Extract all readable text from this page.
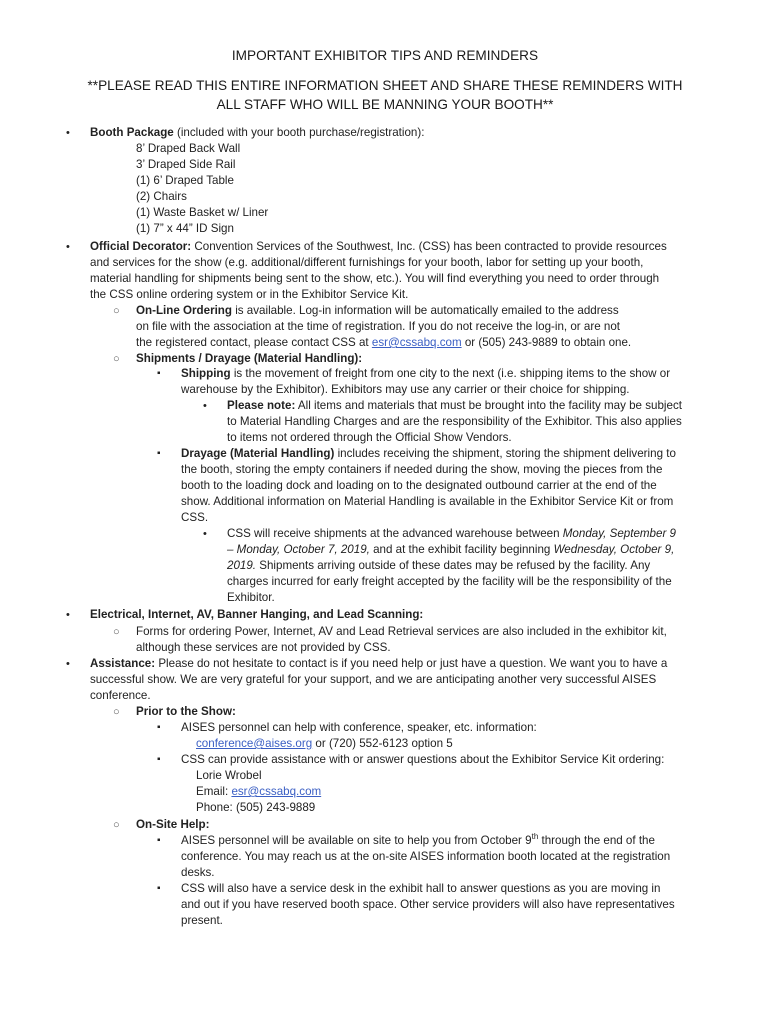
IMPORTANT EXHIBITOR TIPS AND REMINDERS
**PLEASE READ THIS ENTIRE INFORMATION SHEET AND SHARE THESE REMINDERS WITH
ALL STAFF WHO WILL BE MANNING YOUR BOOTH**
• Booth Package (included with your booth purchase/registration):
8’ Draped Back Wall
3’ Draped Side Rail
(1) 6’ Draped Table
(2) Chairs
(1) Waste Basket w/ Liner
(1) 7” x 44” ID Sign
• Official Decorator: Convention Services of the Southwest, Inc. (CSS) has been contracted to provide resources
and services for the show (e.g. additional/different furnishings for your booth, labor for setting up your booth,
material handling for shipments being sent to the show, etc.). You will find everything you need to order through
the CSS online ordering system or in the Exhibitor Service Kit.
○ On-Line Ordering is available. Log-in information will be automatically emailed to the address
on file with the association at the time of registration. If you do not receive the log-in, or are not
the registered contact, please contact CSS at esr@cssabq.com or (505) 243-9889 to obtain one.
○ Shipments / Drayage (Material Handling):
▪ Shipping is the movement of freight from one city to the next (i.e. shipping items to the show or
warehouse by the Exhibitor). Exhibitors may use any carrier or their choice for shipping.
• Please note: All items and materials that must be brought into the facility may be subject
to Material Handling Charges and are the responsibility of the Exhibitor. This also applies
to items not ordered through the Official Show Vendors.
▪ Drayage (Material Handling) includes receiving the shipment, storing the shipment delivering to
the booth, storing the empty containers if needed during the show, moving the pieces from the
booth to the loading dock and loading on to the designated outbound carrier at the end of the
show. Additional information on Material Handling is available in the Exhibitor Service Kit or from
CSS.
• CSS will receive shipments at the advanced warehouse between Monday, September 9
– Monday, October 7, 2019, and at the exhibit facility beginning Wednesday, October 9,
2019. Shipments arriving outside of these dates may be refused by the facility. Any
charges incurred for early freight accepted by the facility will be the responsibility of the
Exhibitor.
• Electrical, Internet, AV, Banner Hanging, and Lead Scanning:
○ Forms for ordering Power, Internet, AV and Lead Retrieval services are also included in the exhibitor kit,
although these services are not provided by CSS.
• Assistance: Please do not hesitate to contact is if you need help or just have a question. We want you to have a
successful show. We are very grateful for your support, and we are anticipating another very successful AISES
conference.
○ Prior to the Show:
▪ AISES personnel can help with conference, speaker, etc. information:
conference@aises.org or (720) 552-6123 option 5
▪ CSS can provide assistance with or answer questions about the Exhibitor Service Kit ordering:
Lorie Wrobel
Email: esr@cssabq.com
Phone: (505) 243-9889
○ On-Site Help:
▪ AISES personnel will be available on site to help you from October 9th through the end of the
conference. You may reach us at the on-site AISES information booth located at the registration
desks.
▪ CSS will also have a service desk in the exhibit hall to answer questions as you are moving in
and out if you have reserved booth space. Other service providers will also have representatives
present.
